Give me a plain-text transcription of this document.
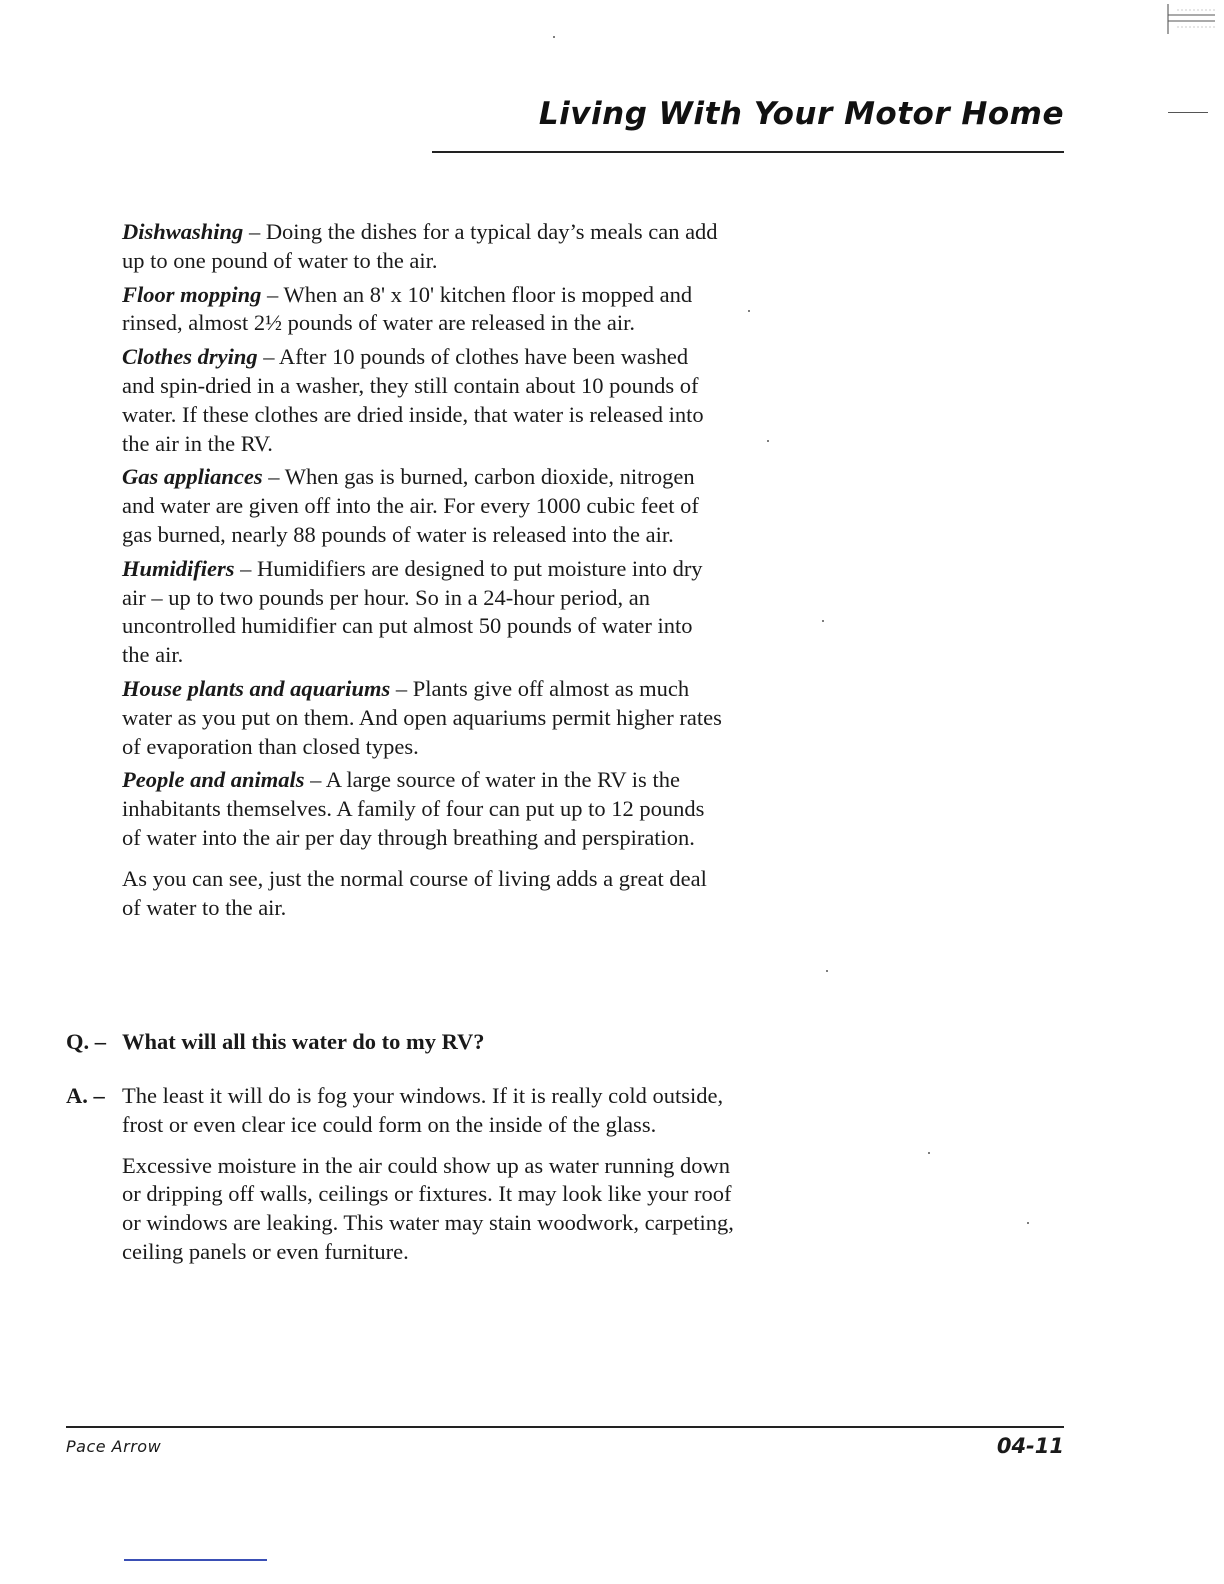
Living With Your Motor Home

Dishwashing – Doing the dishes for a typical day’s meals can add up to one pound of water to the air.

Floor mopping – When an 8' x 10' kitchen floor is mopped and rinsed, almost 2½ pounds of water are released in the air.

Clothes drying – After 10 pounds of clothes have been washed and spin-dried in a washer, they still contain about 10 pounds of water. If these clothes are dried inside, that water is released into the air in the RV.

Gas appliances – When gas is burned, carbon dioxide, nitrogen and water are given off into the air. For every 1000 cubic feet of gas burned, nearly 88 pounds of water is released into the air.

Humidifiers – Humidifiers are designed to put moisture into dry air – up to two pounds per hour. So in a 24-hour period, an uncontrolled humidifier can put almost 50 pounds of water into the air.

House plants and aquariums – Plants give off almost as much water as you put on them. And open aquariums permit higher rates of evaporation than closed types.

People and animals – A large source of water in the RV is the inhabitants themselves. A family of four can put up to 12 pounds of water into the air per day through breathing and perspiration.

As you can see, just the normal course of living adds a great deal of water to the air.

Q. – What will all this water do to my RV?
A. – The least it will do is fog your windows. If it is really cold outside, frost or even clear ice could form on the inside of the glass.
Excessive moisture in the air could show up as water running down or dripping off walls, ceilings or fixtures. It may look like your roof or windows are leaking. This water may stain woodwork, carpeting, ceiling panels or even furniture.
Pace Arrow	04-11
